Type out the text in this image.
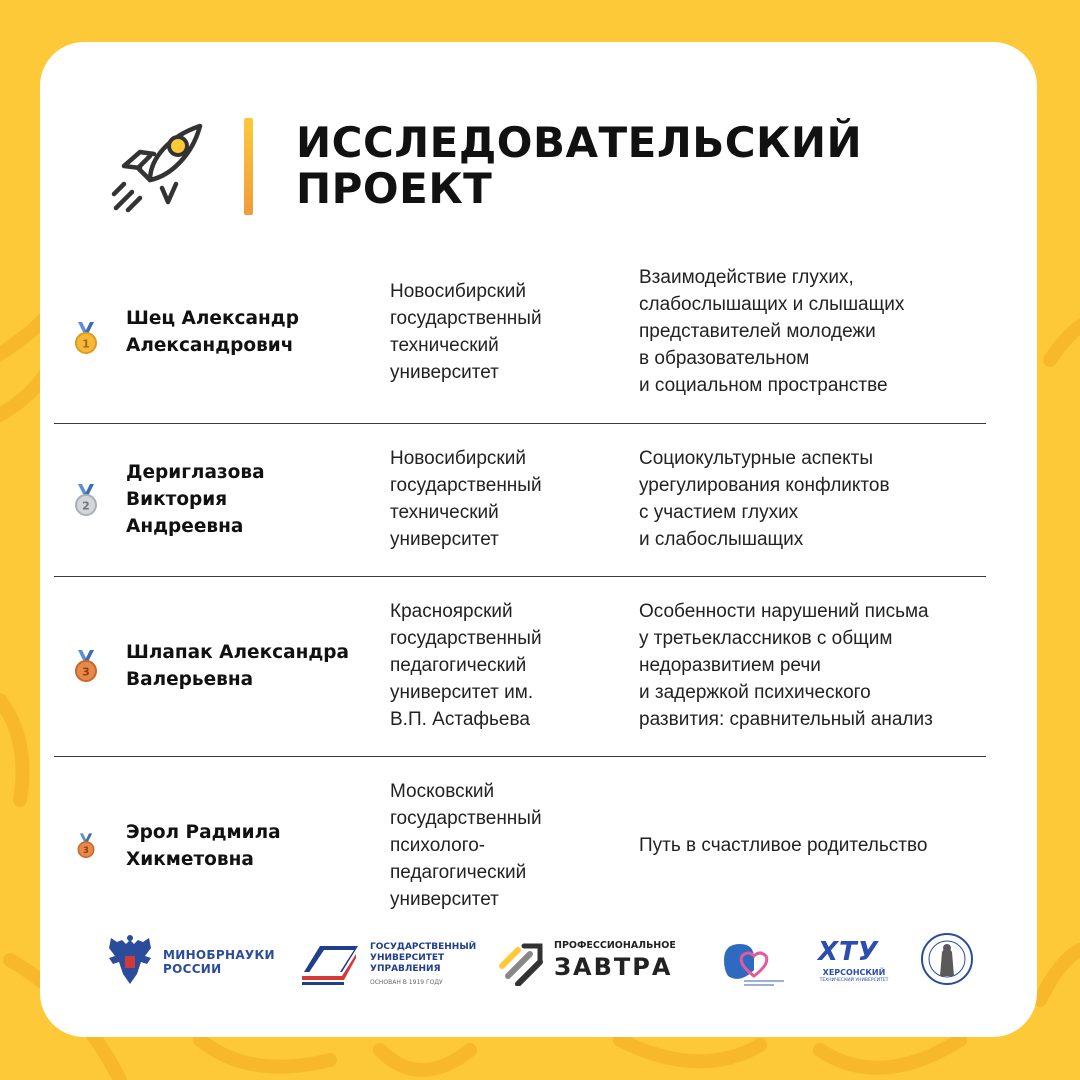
ИССЛЕДОВАТЕЛЬСКИЙ ПРОЕКТ
1
Шец Александр
Александрович
Новосибирский
государственный
технический
университет
Взаимодействие глухих,
слабослышащих и слышащих
представителей молодежи
в образовательном
и социальном пространстве
2
Дериглазова
Виктория
Андреевна
Новосибирский
государственный
технический
университет
Социокультурные аспекты
урегулирования конфликтов
с участием глухих
и слабослышащих
3
Шлапак Александра
Валерьевна
Красноярский
государственный
педагогический
университет им.
В.П. Астафьева
Особенности нарушений письма
у третьеклассников с общим
недоразвитием речи
и задержкой психического
развития: сравнительный анализ
3
Эрол Радмила
Хикметовна
Московский
государственный
психолого-
педагогический
университет
Путь в счастливое родительство
МИНОБРНАУКИ
РОССИИ
ГОСУДАРСТВЕННЫЙ
УНИВЕРСИТЕТ
УПРАВЛЕНИЯ
ОСНОВАН В 1919 ГОДУ
ПРОФЕССИОНАЛЬНОЕ
ЗАВТРА	ХТУ
ХЕРСОНСКИЙ
ТЕХНИЧЕСКИЙ УНИВЕРСИТЕТ
